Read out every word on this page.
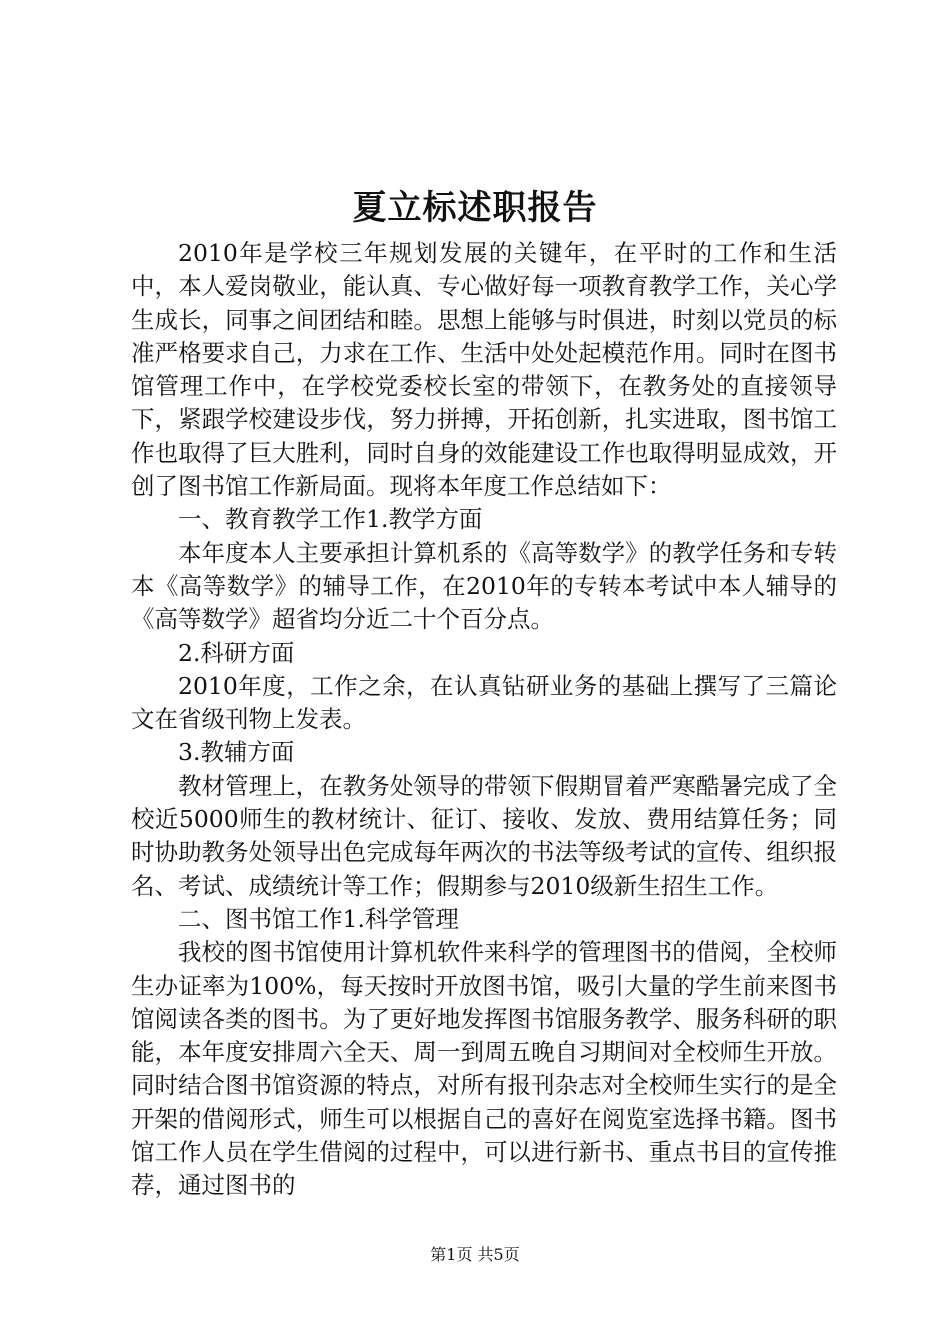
夏立标述职报告

2010年是学校三年规划发展的关键年，在平时的工作和生活中，本人爱岗敬业，能认真、专心做好每一项教育教学工作，关心学生成长，同事之间团结和睦。思想上能够与时俱进，时刻以党员的标准严格要求自己，力求在工作、生活中处处起模范作用。同时在图书馆管理工作中，在学校党委校长室的带领下，在教务处的直接领导下，紧跟学校建设步伐，努力拼搏，开拓创新，扎实进取，图书馆工作也取得了巨大胜利，同时自身的效能建设工作也取得明显成效，开创了图书馆工作新局面。现将本年度工作总结如下：

一、教育教学工作1.教学方面

本年度本人主要承担计算机系的《高等数学》的教学任务和专转本《高等数学》的辅导工作，在2010年的专转本考试中本人辅导的《高等数学》超省均分近二十个百分点。

2.科研方面

2010年度，工作之余，在认真钻研业务的基础上撰写了三篇论文在省级刊物上发表。

3.教辅方面

教材管理上，在教务处领导的带领下假期冒着严寒酷暑完成了全校近5000师生的教材统计、征订、接收、发放、费用结算任务；同时协助教务处领导出色完成每年两次的书法等级考试的宣传、组织报名、考试、成绩统计等工作；假期参与2010级新生招生工作。

二、图书馆工作1.科学管理

我校的图书馆使用计算机软件来科学的管理图书的借阅，全校师生办证率为100%，每天按时开放图书馆，吸引大量的学生前来图书馆阅读各类的图书。为了更好地发挥图书馆服务教学、服务科研的职能，本年度安排周六全天、周一到周五晚自习期间对全校师生开放。同时结合图书馆资源的特点，对所有报刊杂志对全校师生实行的是全开架的借阅形式，师生可以根据自己的喜好在阅览室选择书籍。图书馆工作人员在学生借阅的过程中，可以进行新书、重点书目的宣传推荐，通过图书的

第1页 共5页
